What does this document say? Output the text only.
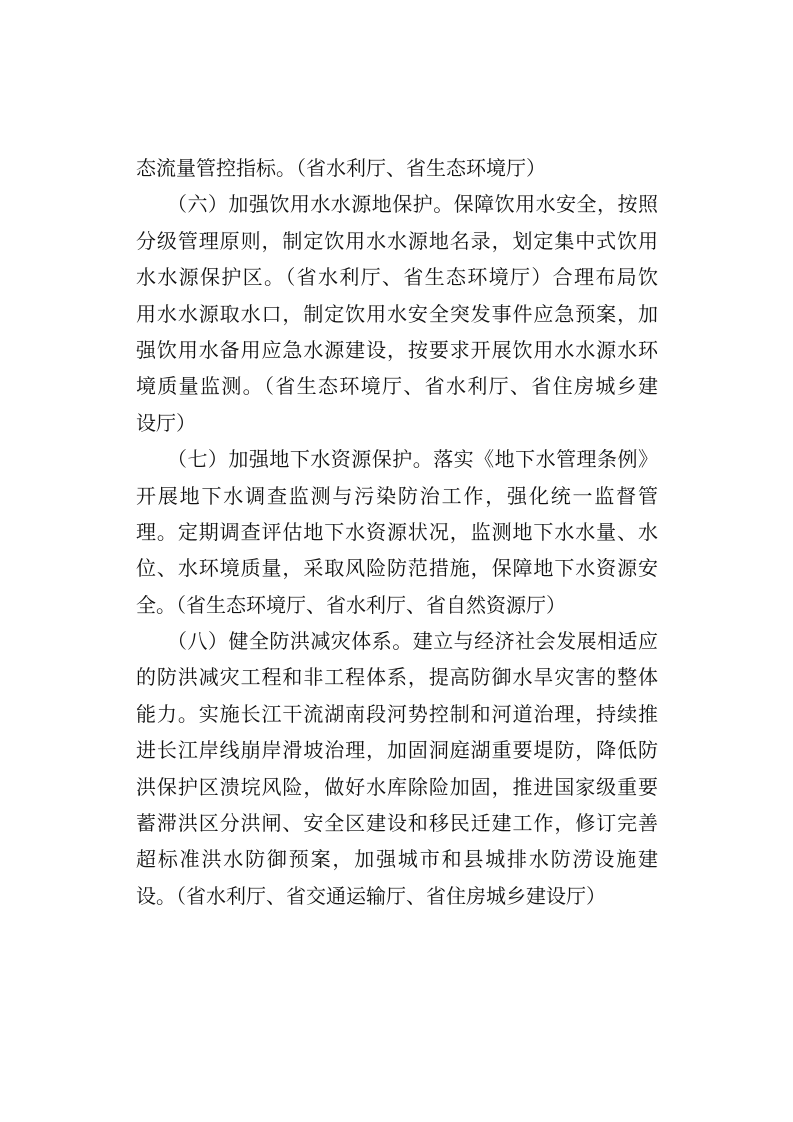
态流量管控指标。（省水利厅、省生态环境厅）
　　（六）加强饮用水水源地保护。保障饮用水安全，按照
分级管理原则，制定饮用水水源地名录，划定集中式饮用
水水源保护区。（省水利厅、省生态环境厅）合理布局饮
用水水源取水口，制定饮用水安全突发事件应急预案，加
强饮用水备用应急水源建设，按要求开展饮用水水源水环
境质量监测。（省生态环境厅、省水利厅、省住房城乡建
设厅）
　　（七）加强地下水资源保护。落实《地下水管理条例》
开展地下水调查监测与污染防治工作，强化统一监督管
理。定期调查评估地下水资源状况，监测地下水水量、水
位、水环境质量，采取风险防范措施，保障地下水资源安
全。（省生态环境厅、省水利厅、省自然资源厅）
　　（八）健全防洪减灾体系。建立与经济社会发展相适应
的防洪减灾工程和非工程体系，提高防御水旱灾害的整体
能力。实施长江干流湖南段河势控制和河道治理，持续推
进长江岸线崩岸滑坡治理，加固洞庭湖重要堤防，降低防
洪保护区溃垸风险，做好水库除险加固，推进国家级重要
蓄滞洪区分洪闸、安全区建设和移民迁建工作，修订完善
超标准洪水防御预案，加强城市和县城排水防涝设施建
设。（省水利厅、省交通运输厅、省住房城乡建设厅）
